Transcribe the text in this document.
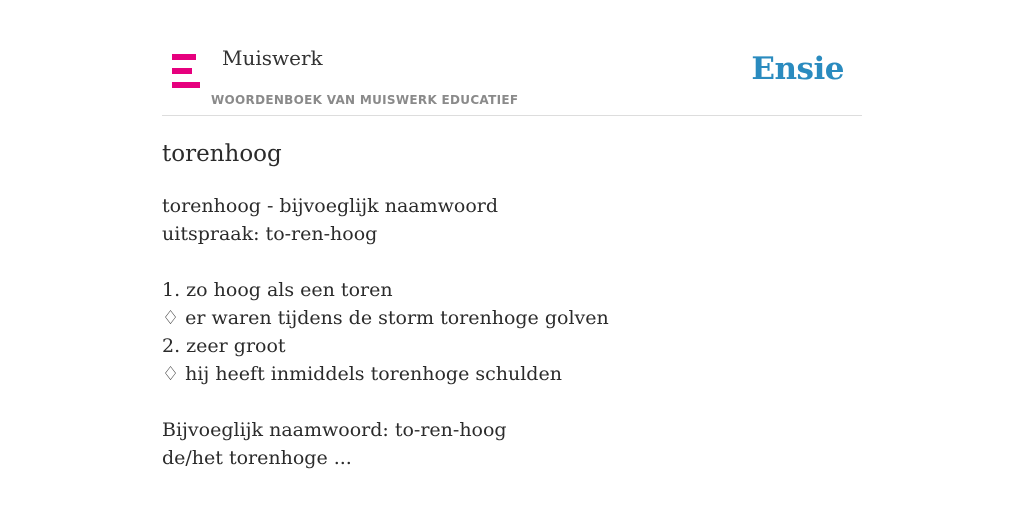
Muiswerk
WOORDENBOEK VAN MUISWERK EDUCATIEF
Ensie
torenhoog
torenhoog - bijvoeglijk naamwoord
uitspraak: to-ren-hoog
1. zo hoog als een toren
♢ er waren tijdens de storm torenhoge golven
2. zeer groot
♢ hij heeft inmiddels torenhoge schulden
Bijvoeglijk naamwoord: to-ren-hoog
de/het torenhoge ...
